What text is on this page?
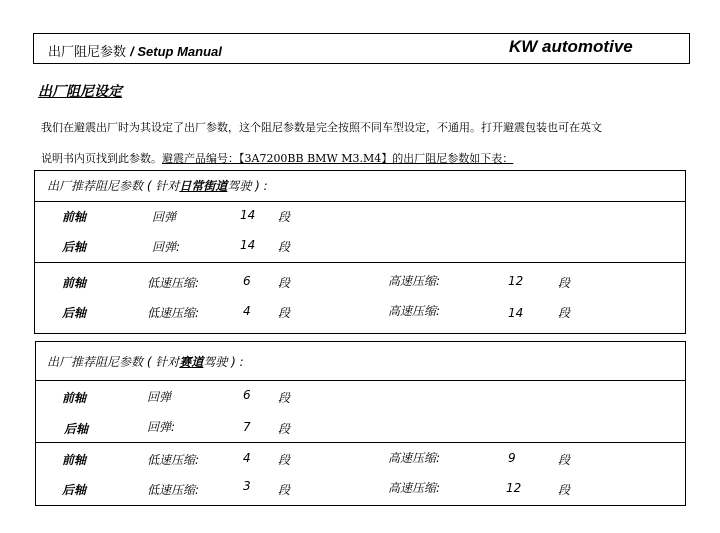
出厂阻尼参数 / Setup Manual	KW automotive
出厂阻尼设定
我们在避震出厂时为其设定了出厂参数，这个阻尼参数是完全按照不同车型设定，不通用。打开避震包装也可在英文
说明书内页找到此参数。避震产品编号：【3A7200BB BMW M3.M4】的出厂阻尼参数如下表：
出厂推荐阻尼参数 ( 针对日常街道驾驶 ) :
前轴	回弹	14 段
后轴	回弹:	14 段
前轴	低速压缩:	6 段	高速压缩:	12	段
后轴	低速压缩:	4 段	高速压缩:	14	段
出厂推荐阻尼参数 ( 针对赛道驾驶 ) :
前轴	回弹	6 段
后轴	回弹:	7 段
前轴	低速压缩:	4 段	高速压缩:	9	段
后轴	低速压缩:	3 段	高速压缩:	12	段
